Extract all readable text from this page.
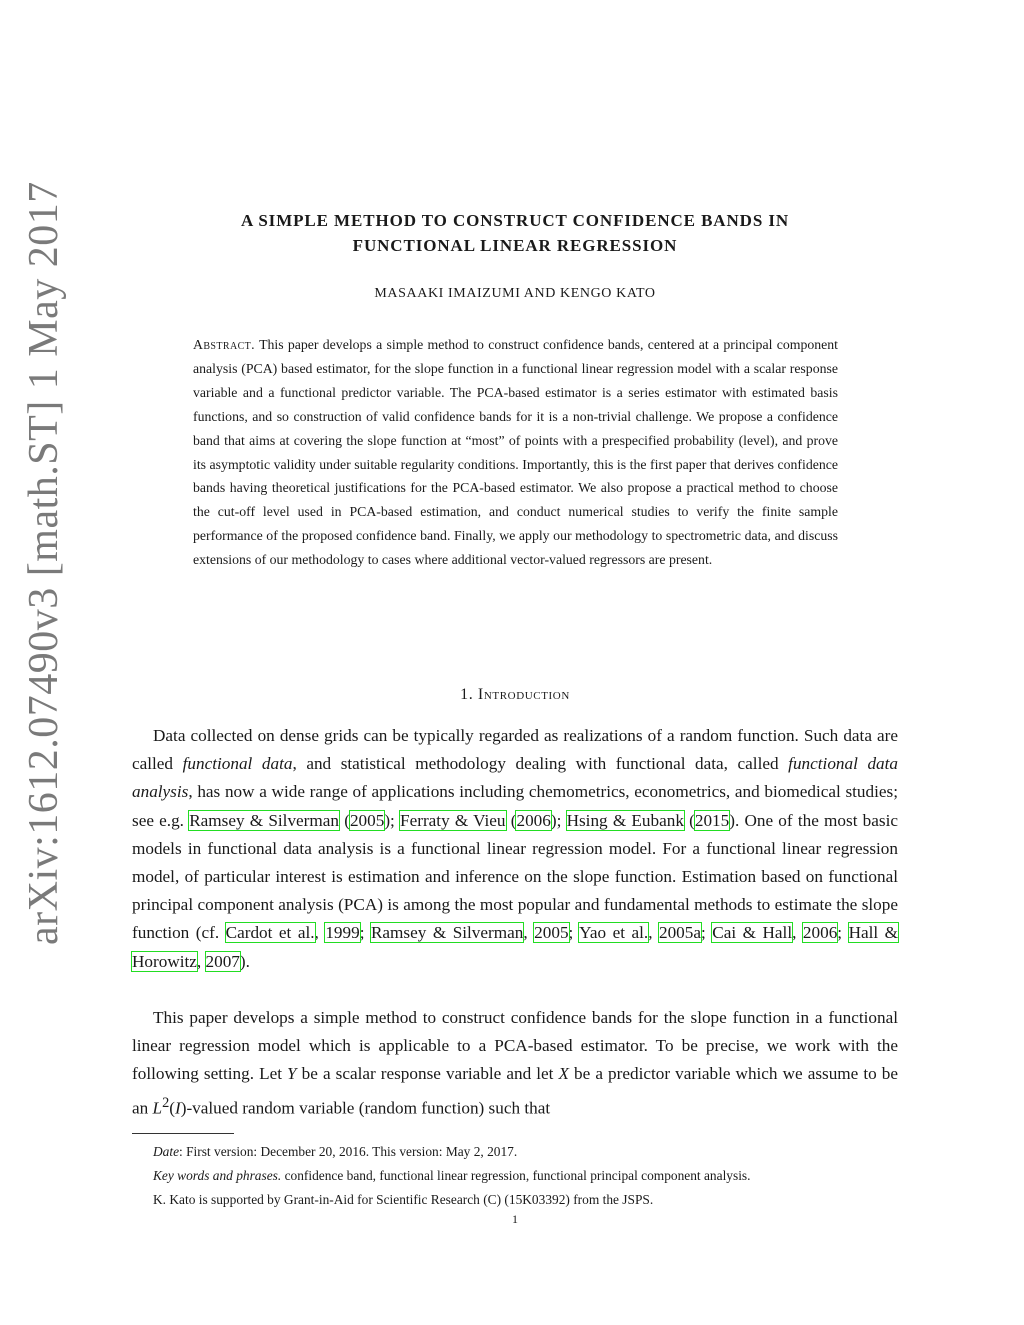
arXiv:1612.07490v3 [math.ST] 1 May 2017	A SIMPLE METHOD TO CONSTRUCT CONFIDENCE BANDS IN
FUNCTIONAL LINEAR REGRESSION
MASAAKI IMAIZUMI AND KENGO KATO
Abstract. This paper develops a simple method to construct confidence bands, centered at a principal component analysis (PCA) based estimator, for the slope function in a functional linear regression model with a scalar response variable and a functional predictor variable. The PCA-based estimator is a series estimator with estimated basis functions, and so construction of valid confidence bands for it is a non-trivial challenge. We propose a confidence band that aims at covering the slope function at “most” of points with a prespecified probability (level), and prove its asymptotic validity under suitable regularity conditions. Importantly, this is the first paper that derives confidence bands having theoretical justifications for the PCA-based estimator. We also propose a practical method to choose the cut-off level used in PCA-based estimation, and conduct numerical studies to verify the finite sample performance of the proposed confidence band. Finally, we apply our methodology to spectrometric data, and discuss extensions of our methodology to cases where additional vector-valued regressors are present.
1. Introduction
Data collected on dense grids can be typically regarded as realizations of a random function. Such data are called functional data, and statistical methodology dealing with functional data, called functional data analysis, has now a wide range of applications including chemometrics, econometrics, and biomedical studies; see e.g. Ramsey & Silverman (2005); Ferraty & Vieu (2006); Hsing & Eubank (2015). One of the most basic models in functional data analysis is a functional linear regression model. For a functional linear regression model, of particular interest is estimation and inference on the slope function. Estimation based on functional principal component analysis (PCA) is among the most popular and fundamental methods to estimate the slope function (cf. Cardot et al., 1999; Ramsey & Silverman, 2005; Yao et al., 2005a; Cai & Hall, 2006; Hall & Horowitz, 2007).
This paper develops a simple method to construct confidence bands for the slope function in a functional linear regression model which is applicable to a PCA-based estimator. To be precise, we work with the following setting. Let Y be a scalar response variable and let X be a predictor variable which we assume to be an $L^2(I)$-valued random variable (random function) such that
Date: First version: December 20, 2016. This version: May 2, 2017.
Key words and phrases. confidence band, functional linear regression, functional principal component analysis.
K. Kato is supported by Grant-in-Aid for Scientific Research (C) (15K03392) from the JSPS.
1
